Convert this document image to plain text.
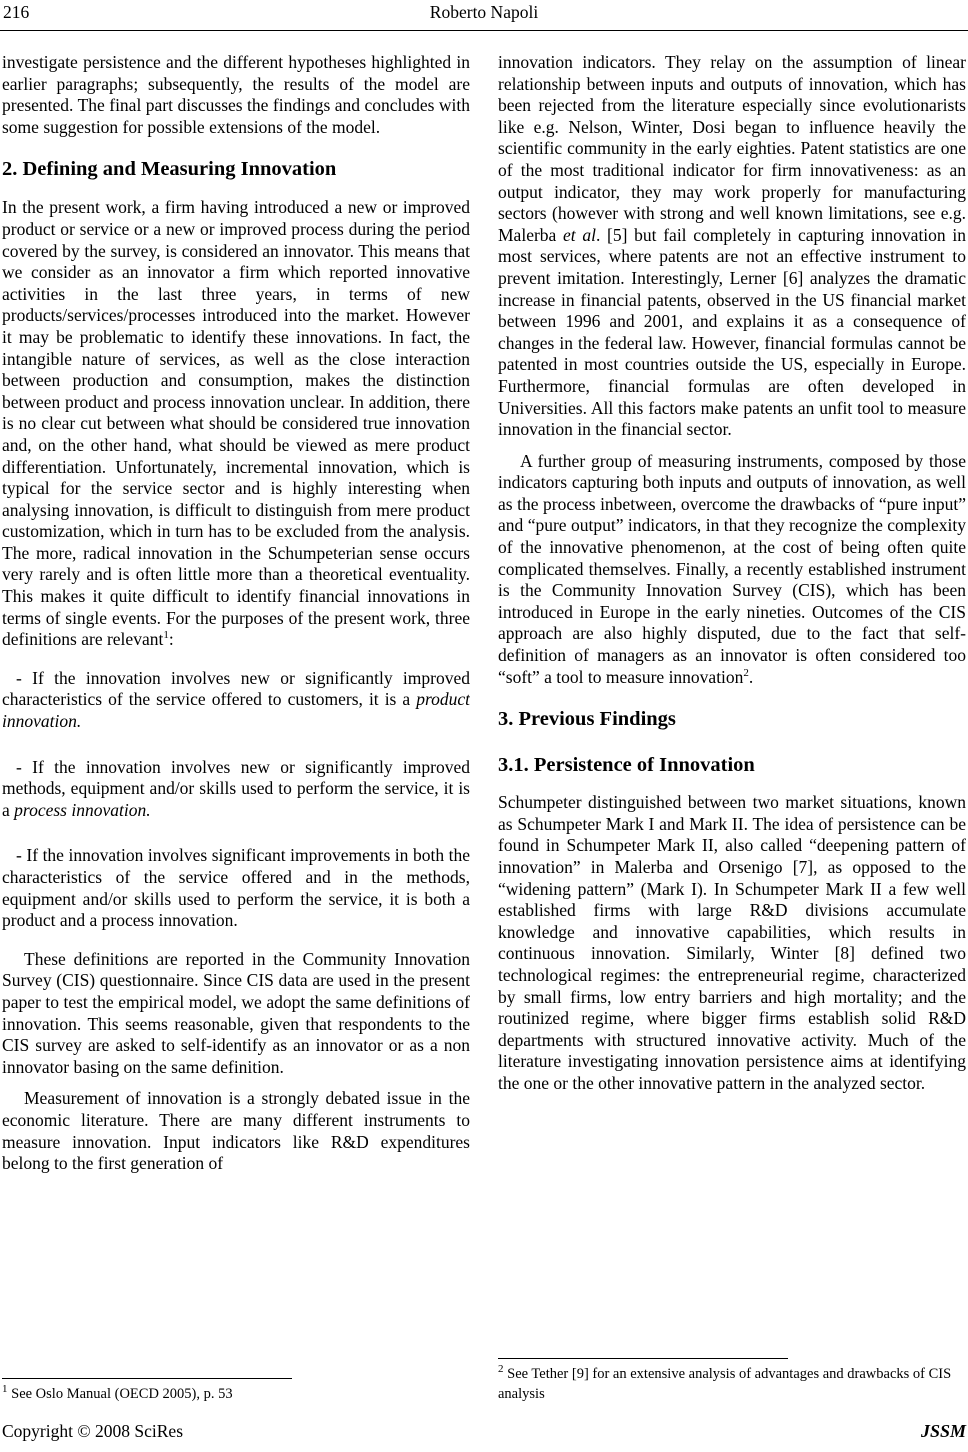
216	Roberto Napoli

investigate persistence and the different hypotheses highlighted in earlier paragraphs; subsequently, the results of the model are presented. The final part discusses the findings and concludes with some suggestion for possible extensions of the model.

2. Defining and Measuring Innovation

In the present work, a firm having introduced a new or improved product or service or a new or improved process during the period covered by the survey, is considered an innovator. This means that we consider as an innovator a firm which reported innovative activities in the last three years, in terms of new products/services/processes introduced into the market. However it may be problematic to identify these innovations. In fact, the intangible nature of services, as well as the close interaction between production and consumption, makes the distinction between product and process innovation unclear. In addition, there is no clear cut between what should be considered true innovation and, on the other hand, what should be viewed as mere product differentiation. Unfortunately, incremental innovation, which is typical for the service sector and is highly interesting when analysing innovation, is difficult to distinguish from mere product customization, which in turn has to be excluded from the analysis. The more, radical innovation in the Schumpeterian sense occurs very rarely and is often little more than a theoretical eventuality. This makes it quite difficult to identify financial innovations in terms of single events. For the purposes of the present work, three definitions are relevant$^1$:

- If the innovation involves new or significantly improved characteristics of the service offered to customers, it is a product innovation.

- If the innovation involves new or significantly improved methods, equipment and/or skills used to perform the service, it is a process innovation.

- If the innovation involves significant improvements in both the characteristics of the service offered and in the methods, equipment and/or skills used to perform the service, it is both a product and a process innovation.

These definitions are reported in the Community Innovation Survey (CIS) questionnaire. Since CIS data are used in the present paper to test the empirical model, we adopt the same definitions of innovation. This seems reasonable, given that respondents to the CIS survey are asked to self-identify as an innovator or as a non innovator basing on the same definition.

Measurement of innovation is a strongly debated issue in the economic literature. There are many different instruments to measure innovation. Input indicators like R&D expenditures belong to the first generation of

$^1$ See Oslo Manual (OECD 2005), p. 53

innovation indicators. They relay on the assumption of linear relationship between inputs and outputs of innovation, which has been rejected from the literature especially since evolutionarists like e.g. Nelson, Winter, Dosi began to influence heavily the scientific community in the early eighties. Patent statistics are one of the most traditional indicator for firm innovativeness: as an output indicator, they may work properly for manufacturing sectors (however with strong and well known limitations, see e.g. Malerba et al. [5] but fail completely in capturing innovation in most services, where patents are not an effective instrument to prevent imitation. Interestingly, Lerner [6] analyzes the dramatic increase in financial patents, observed in the US financial market between 1996 and 2001, and explains it as a consequence of changes in the federal law. However, financial formulas cannot be patented in most countries outside the US, especially in Europe. Furthermore, financial formulas are often developed in Universities. All this factors make patents an unfit tool to measure innovation in the financial sector.

A further group of measuring instruments, composed by those indicators capturing both inputs and outputs of innovation, as well as the process inbetween, overcome the drawbacks of “pure input” and “pure output” indicators, in that they recognize the complexity of the innovative phenomenon, at the cost of being often quite complicated themselves. Finally, a recently established instrument is the Community Innovation Survey (CIS), which has been introduced in Europe in the early nineties. Outcomes of the CIS approach are also highly disputed, due to the fact that self-definition of managers as an innovator is often considered too “soft” a tool to measure innovation$^2$.

3. Previous Findings
3.1. Persistence of Innovation

Schumpeter distinguished between two market situations, known as Schumpeter Mark I and Mark II. The idea of persistence can be found in Schumpeter Mark II, also called “deepening pattern of innovation” in Malerba and Orsenigo [7], as opposed to the “widening pattern” (Mark I). In Schumpeter Mark II a few well established firms with large R&D divisions accumulate knowledge and innovative capabilities, which results in continuous innovation. Similarly, Winter [8] defined two technological regimes: the entrepreneurial regime, characterized by small firms, low entry barriers and high mortality; and the routinized regime, where bigger firms establish solid R&D departments with structured innovative activity. Much of the literature investigating innovation persistence aims at identifying the one or the other innovative pattern in the analyzed sector.

$^2$ See Tether [9] for an extensive analysis of advantages and drawbacks of CIS analysis
Copyright © 2008 SciRes	JSSM
